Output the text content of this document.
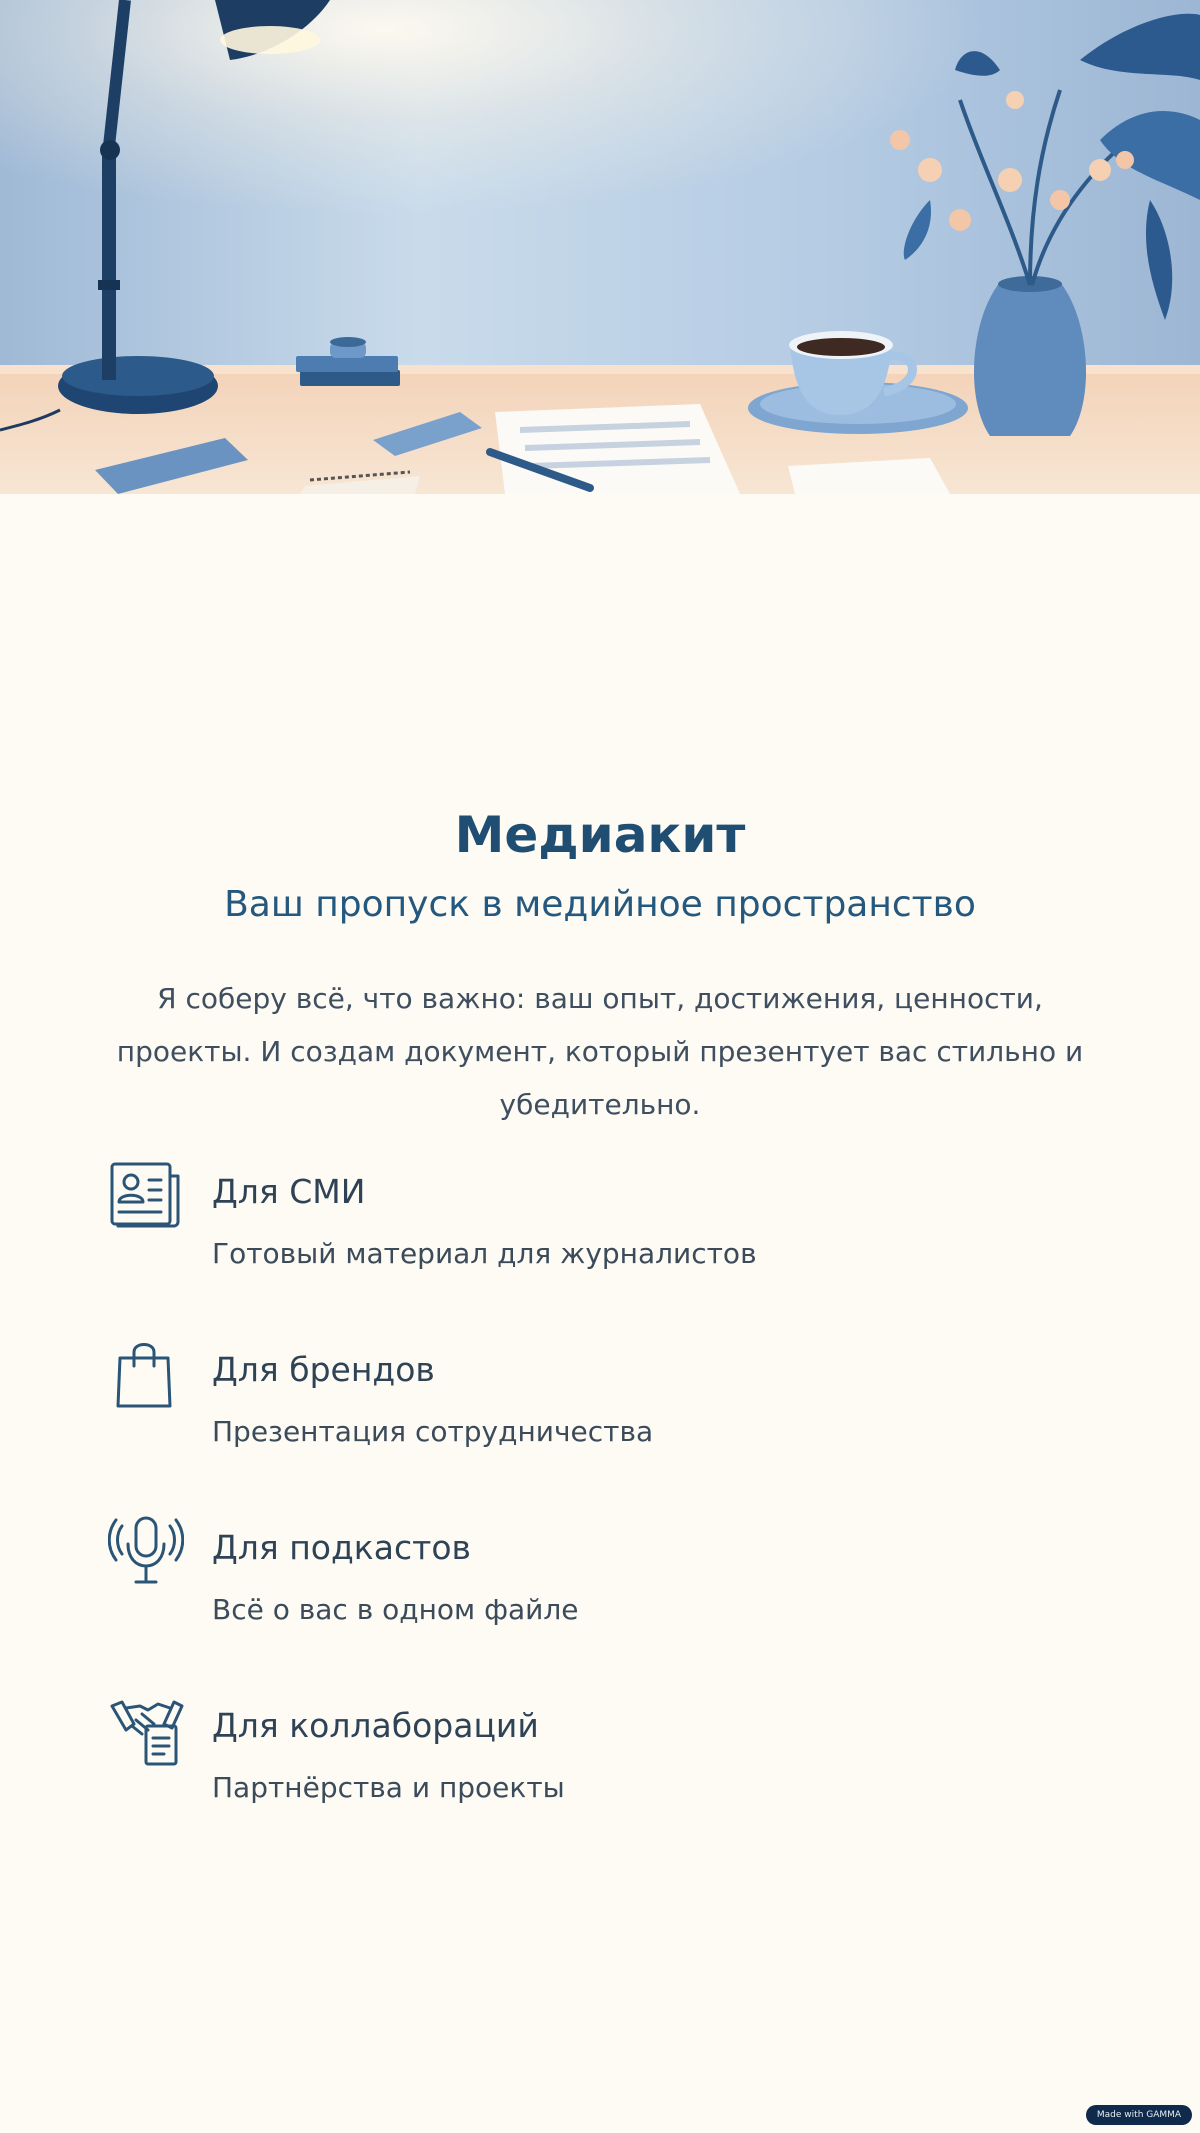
Медиакит
Ваш пропуск в медийное пространство

Я соберу всё, что важно: ваш опыт, достижения, ценности, проекты. И создам документ, который презентует вас стильно и убедительно.

Для СМИ

Готовый материал для журналистов

Для брендов

Презентация сотрудничества

Для подкастов

Всё о вас в одном файле

Для коллабораций

Партнёрства и проекты

Made with GAMMA
